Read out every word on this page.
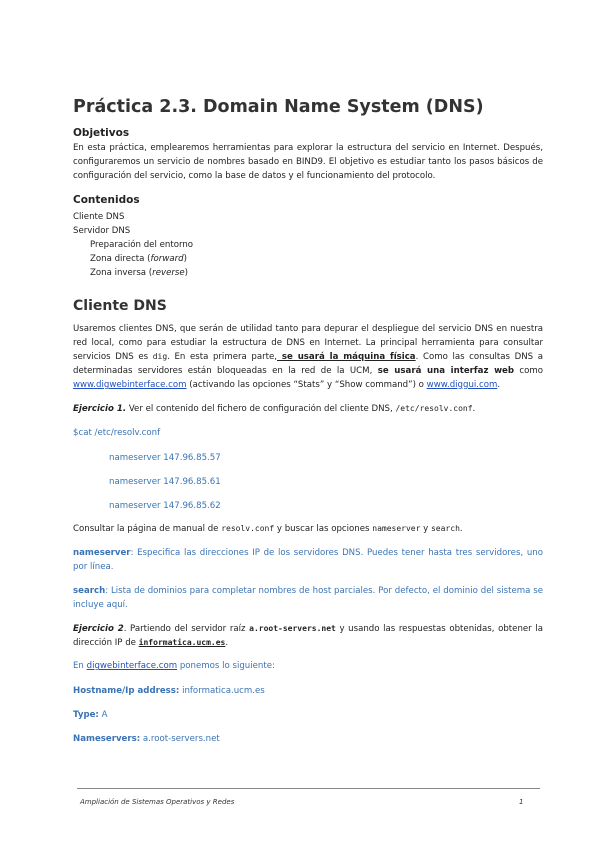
Práctica 2.3. Domain Name System (DNS)
Objetivos
En esta práctica, emplearemos herramientas para explorar la estructura del servicio en Internet. Después, configuraremos un servicio de nombres basado en BIND9. El objetivo es estudiar tanto los pasos básicos de configuración del servicio, como la base de datos y el funcionamiento del protocolo.
Contenidos
Cliente DNS
Servidor DNS
Preparación del entorno
Zona directa (forward)
Zona inversa (reverse)
Cliente DNS
Usaremos clientes DNS, que serán de utilidad tanto para depurar el despliegue del servicio DNS en nuestra red local, como para estudiar la estructura de DNS en Internet. La principal herramienta para consultar servicios DNS es dig. En esta primera parte, se usará la máquina física. Como las consultas DNS a determinadas servidores están bloqueadas en la red de la UCM, se usará una interfaz web como www.digwebinterface.com (activando las opciones “Stats” y “Show command”) o www.diggui.com.
Ejercicio 1. Ver el contenido del fichero de configuración del cliente DNS, /etc/resolv.conf.
$cat /etc/resolv.conf
nameserver 147.96.85.57
nameserver 147.96.85.61
nameserver 147.96.85.62
Consultar la página de manual de resolv.conf y buscar las opciones nameserver y search.
nameserver: Especifica las direcciones IP de los servidores DNS. Puedes tener hasta tres servidores, uno por línea.
search: Lista de dominios para completar nombres de host parciales. Por defecto, el dominio del sistema se incluye aquí.
Ejercicio 2. Partiendo del servidor raíz a.root-servers.net y usando las respuestas obtenidas, obtener la dirección IP de informatica.ucm.es.
En digwebinterface.com ponemos lo siguiente:
Hostname/Ip address: informatica.ucm.es
Type: A
Nameservers: a.root-servers.net
Ampliación de Sistemas Operativos y Redes	1
